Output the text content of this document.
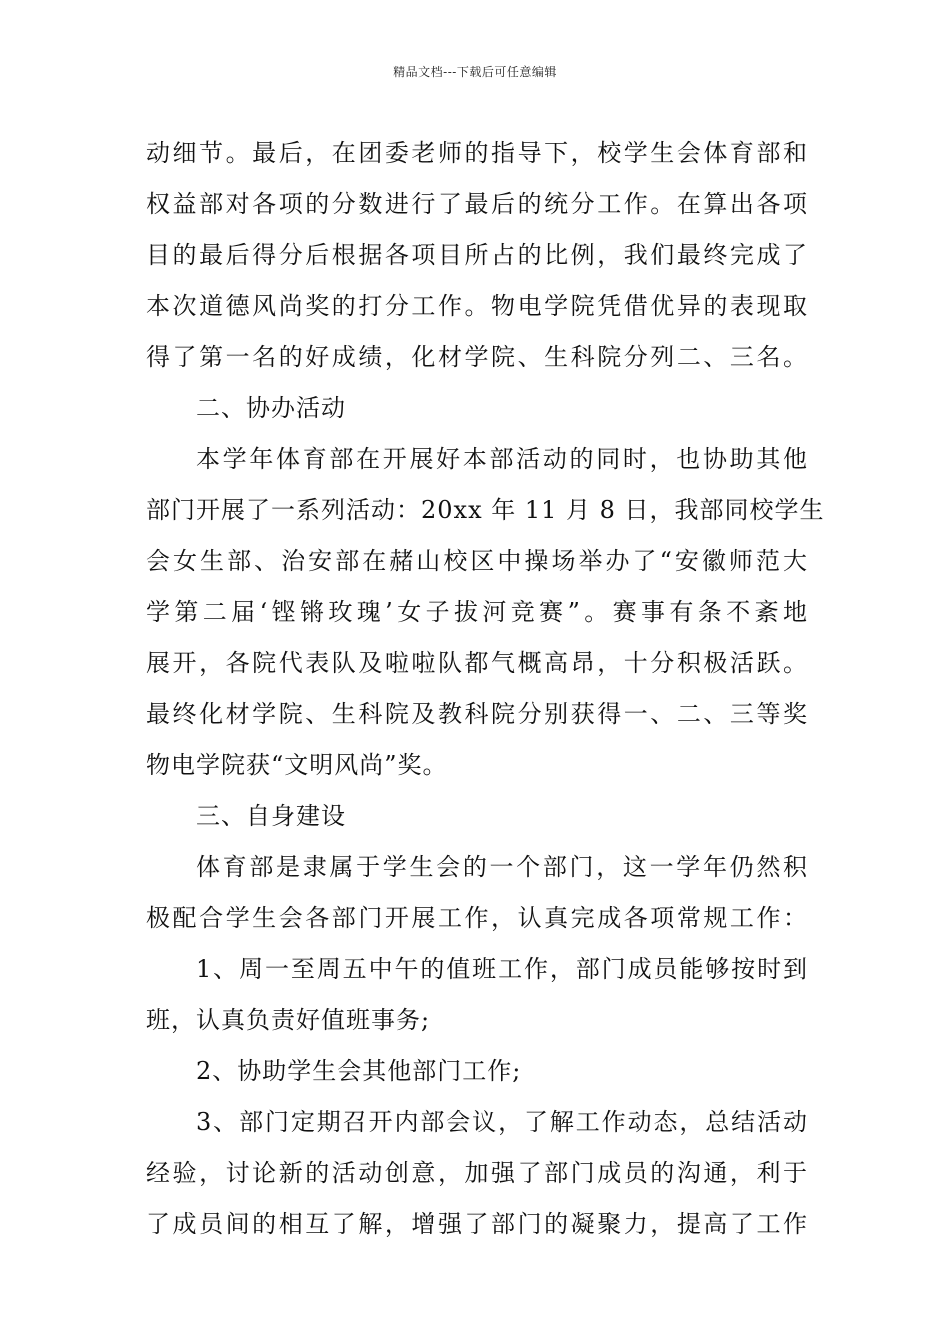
精品文档---下载后可任意编辑
动细节。最后，在团委老师的指导下，校学生会体育部和
权益部对各项的分数进行了最后的统分工作。在算出各项
目的最后得分后根据各项目所占的比例，我们最终完成了
本次道德风尚奖的打分工作。物电学院凭借优异的表现取
得了第一名的好成绩，化材学院、生科院分列二、三名。
二、协办活动
本学年体育部在开展好本部活动的同时，也协助其他
部门开展了一系列活动：20xx 年 11 月 8 日，我部同校学生
会女生部、治安部在赭山校区中操场举办了“安徽师范大
学第二届‘铿锵玫瑰’女子拔河竞赛”。赛事有条不紊地
展开，各院代表队及啦啦队都气概高昂，十分积极活跃。
最终化材学院、生科院及教科院分别获得一、二、三等奖
物电学院获“文明风尚”奖。
三、自身建设
体育部是隶属于学生会的一个部门，这一学年仍然积
极配合学生会各部门开展工作，认真完成各项常规工作：
1、周一至周五中午的值班工作，部门成员能够按时到
班，认真负责好值班事务;
2、协助学生会其他部门工作;
3、部门定期召开内部会议，了解工作动态，总结活动
经验，讨论新的活动创意，加强了部门成员的沟通，利于
了成员间的相互了解，增强了部门的凝聚力，提高了工作
